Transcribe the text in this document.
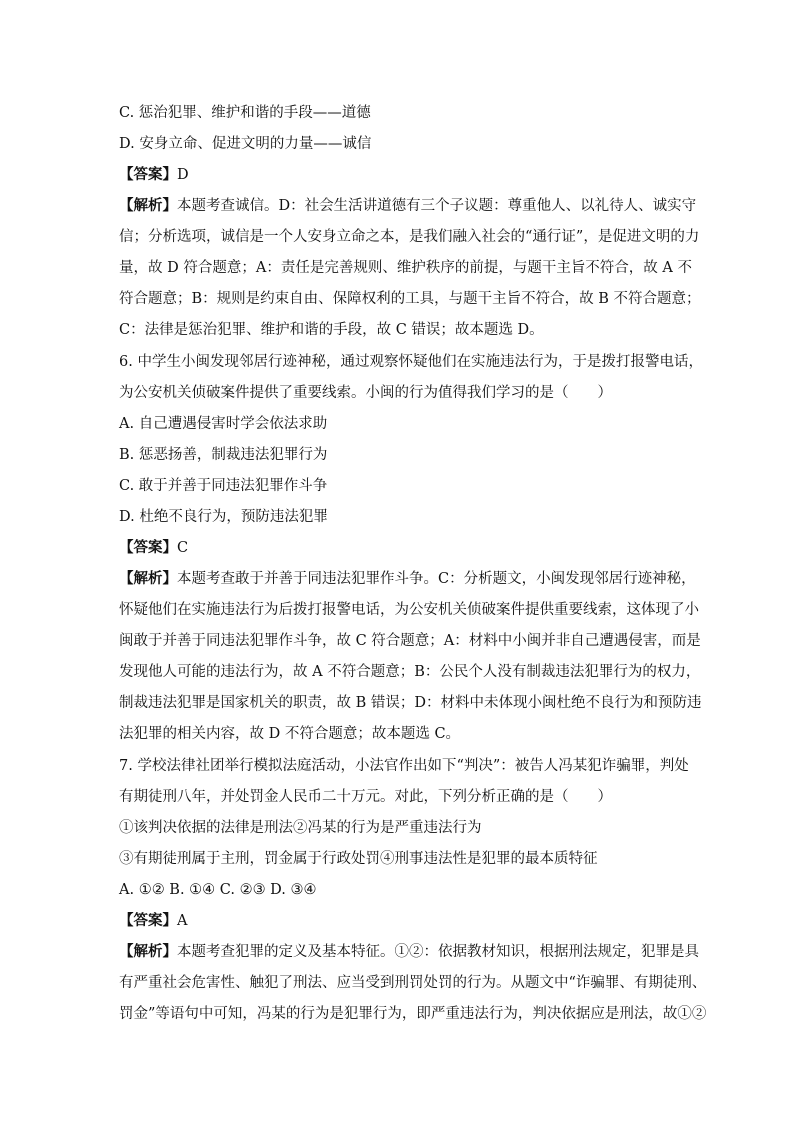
C. 惩治犯罪、维护和谐的手段——道德
D. 安身立命、促进文明的力量——诚信
【答案】D
【解析】本题考查诚信。D：社会生活讲道德有三个子议题：尊重他人、以礼待人、诚实守
信；分析选项，诚信是一个人安身立命之本，是我们融入社会的“通行证”，是促进文明的力
量，故 D 符合题意；A：责任是完善规则、维护秩序的前提，与题干主旨不符合，故 A 不
符合题意；B：规则是约束自由、保障权利的工具，与题干主旨不符合，故 B 不符合题意；
C：法律是惩治犯罪、维护和谐的手段，故 C 错误；故本题选 D。
6. 中学生小闽发现邻居行迹神秘，通过观察怀疑他们在实施违法行为，于是拨打报警电话，
为公安机关侦破案件提供了重要线索。小闽的行为值得我们学习的是（　　）
A. 自己遭遇侵害时学会依法求助
B. 惩恶扬善，制裁违法犯罪行为
C. 敢于并善于同违法犯罪作斗争
D. 杜绝不良行为，预防违法犯罪
【答案】C
【解析】本题考查敢于并善于同违法犯罪作斗争。C：分析题文，小闽发现邻居行迹神秘，
怀疑他们在实施违法行为后拨打报警电话，为公安机关侦破案件提供重要线索，这体现了小
闽敢于并善于同违法犯罪作斗争，故 C 符合题意；A：材料中小闽并非自己遭遇侵害，而是
发现他人可能的违法行为，故 A 不符合题意；B：公民个人没有制裁违法犯罪行为的权力，
制裁违法犯罪是国家机关的职责，故 B 错误；D：材料中未体现小闽杜绝不良行为和预防违
法犯罪的相关内容，故 D 不符合题意；故本题选 C。
7. 学校法律社团举行模拟法庭活动，小法官作出如下“判决”：被告人冯某犯诈骗罪，判处
有期徒刑八年，并处罚金人民币二十万元。对此，下列分析正确的是（　　）
①该判决依据的法律是刑法②冯某的行为是严重违法行为
③有期徒刑属于主刑，罚金属于行政处罚④刑事违法性是犯罪的最本质特征
A. ①② B. ①④ C. ②③ D. ③④
【答案】A
【解析】本题考查犯罪的定义及基本特征。①②：依据教材知识，根据刑法规定，犯罪是具
有严重社会危害性、触犯了刑法、应当受到刑罚处罚的行为。从题文中“诈骗罪、有期徒刑、
罚金”等语句中可知，冯某的行为是犯罪行为，即严重违法行为，判决依据应是刑法，故①②
